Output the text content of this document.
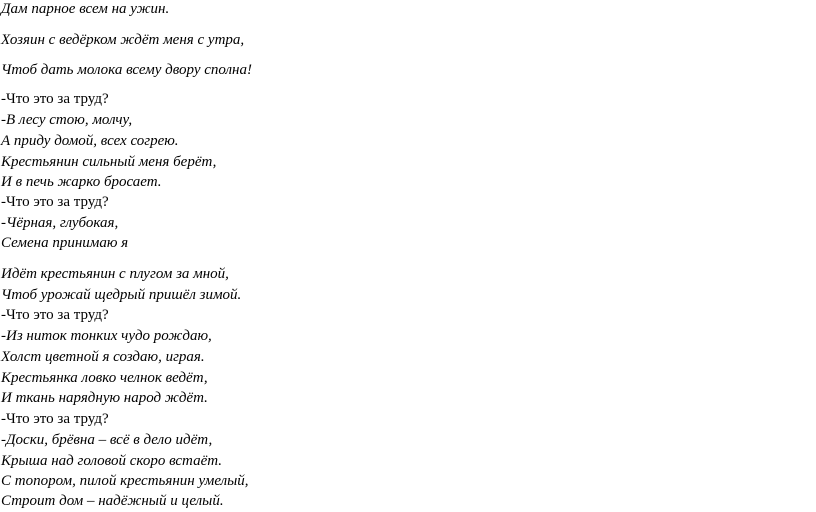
Дам парное всем на ужин.

Хозяин с ведёрком ждёт меня с утра,

Чтоб дать молока всему двору сполна!

-Что это за труд?

-В лесу стою, молчу,

А приду домой, всех согрею.

Крестьянин сильный меня берёт,

И в печь жарко бросает.

-Что это за труд?

-Чёрная, глубокая,

Семена принимаю я

Идёт крестьянин с плугом за мной,

Чтоб урожай щедрый пришёл зимой.

-Что это за труд?

-Из ниток тонких чудо рождаю,

Холст цветной я создаю, играя.

Крестьянка ловко челнок ведёт,

И ткань нарядную народ ждёт.

-Что это за труд?

-Доски, брёвна – всё в дело идёт,

Крыша над головой скоро встаёт.

С топором, пилой крестьянин умелый,

Строит дом – надёжный и целый.
